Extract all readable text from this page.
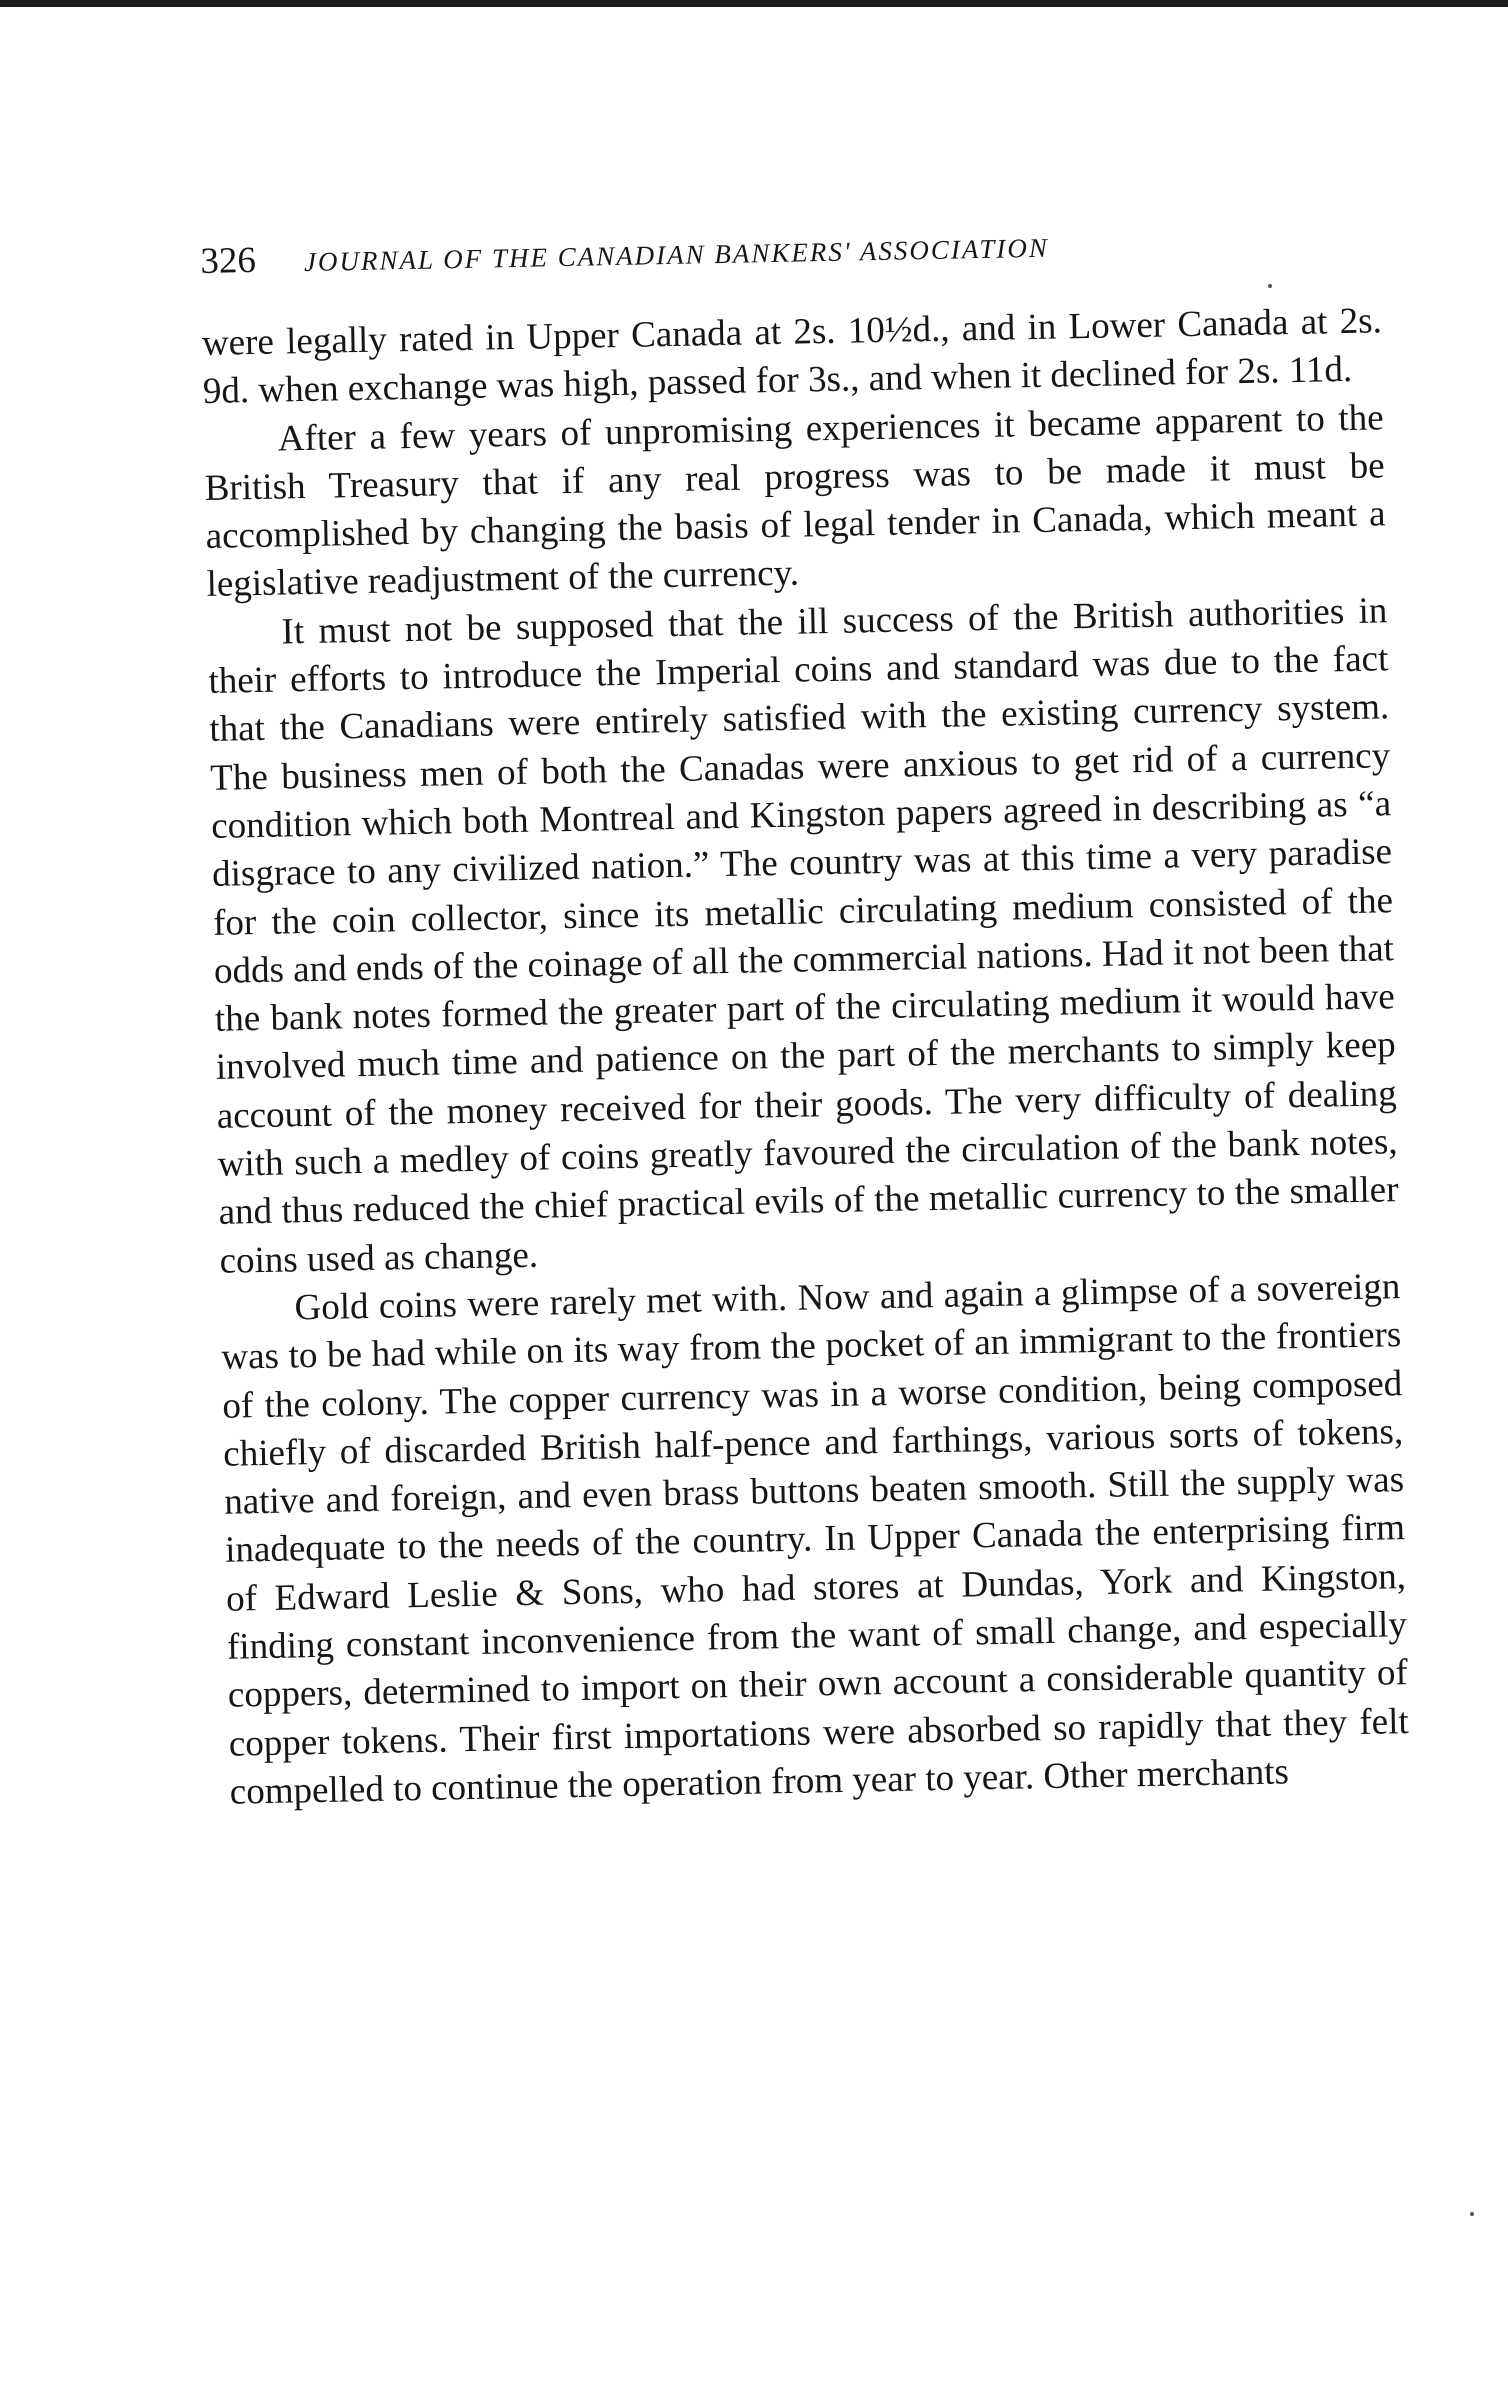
326 JOURNAL OF THE CANADIAN BANKERS' ASSOCIATION

were legally rated in Upper Canada at 2s. 10½d., and in Lower Canada at 2s. 9d. when exchange was high, passed for 3s., and when it declined for 2s. 11d.

After a few years of unpromising experiences it became apparent to the British Treasury that if any real progress was to be made it must be accomplished by changing the basis of legal tender in Canada, which meant a legislative readjustment of the currency.

It must not be supposed that the ill success of the British authorities in their efforts to introduce the Imperial coins and standard was due to the fact that the Canadians were entirely satisfied with the existing currency system. The business men of both the Canadas were anxious to get rid of a currency condition which both Montreal and Kingston papers agreed in describing as “a disgrace to any civilized nation.” The country was at this time a very paradise for the coin collector, since its metallic circulating medium consisted of the odds and ends of the coinage of all the commercial nations. Had it not been that the bank notes formed the greater part of the circulating medium it would have involved much time and patience on the part of the merchants to simply keep account of the money received for their goods. The very difficulty of dealing with such a medley of coins greatly favoured the circulation of the bank notes, and thus reduced the chief practical evils of the metallic currency to the smaller coins used as change.

Gold coins were rarely met with. Now and again a glimpse of a sovereign was to be had while on its way from the pocket of an immigrant to the frontiers of the colony. The copper currency was in a worse condition, being composed chiefly of discarded British half-pence and farthings, various sorts of tokens, native and foreign, and even brass buttons beaten smooth. Still the supply was inadequate to the needs of the country. In Upper Canada the enterprising firm of Edward Leslie & Sons, who had stores at Dundas, York and Kingston, finding constant inconvenience from the want of small change, and especially coppers, determined to import on their own account a considerable quantity of copper tokens. Their first importations were absorbed so rapidly that they felt compelled to continue the operation from year to year. Other merchants
